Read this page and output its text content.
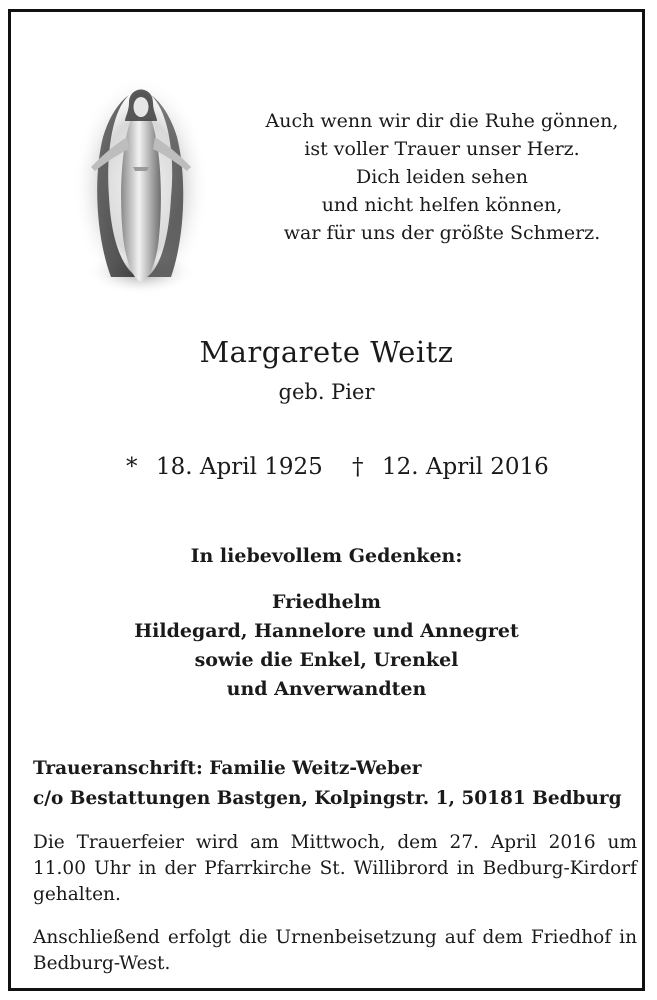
Auch wenn wir dir die Ruhe gönnen,
ist voller Trauer unser Herz.
Dich leiden sehen
und nicht helfen können,
war für uns der größte Schmerz.
Margarete Weitz
geb. Pier
* 18. April 1925 † 12. April 2016
In liebevollem Gedenken:
Friedhelm
Hildegard, Hannelore und Annegret
sowie die Enkel, Urenkel
und Anverwandten
Traueranschrift: Familie Weitz-Weber
c/o Bestattungen Bastgen, Kolpingstr. 1, 50181 Bedburg
Die Trauerfeier wird am Mittwoch, dem 27. April 2016 um 11.00 Uhr in der Pfarrkirche St. Willibrord in Bedburg-Kirdorf gehalten.
Anschließend erfolgt die Urnenbeisetzung auf dem Friedhof in Bedburg-West.
